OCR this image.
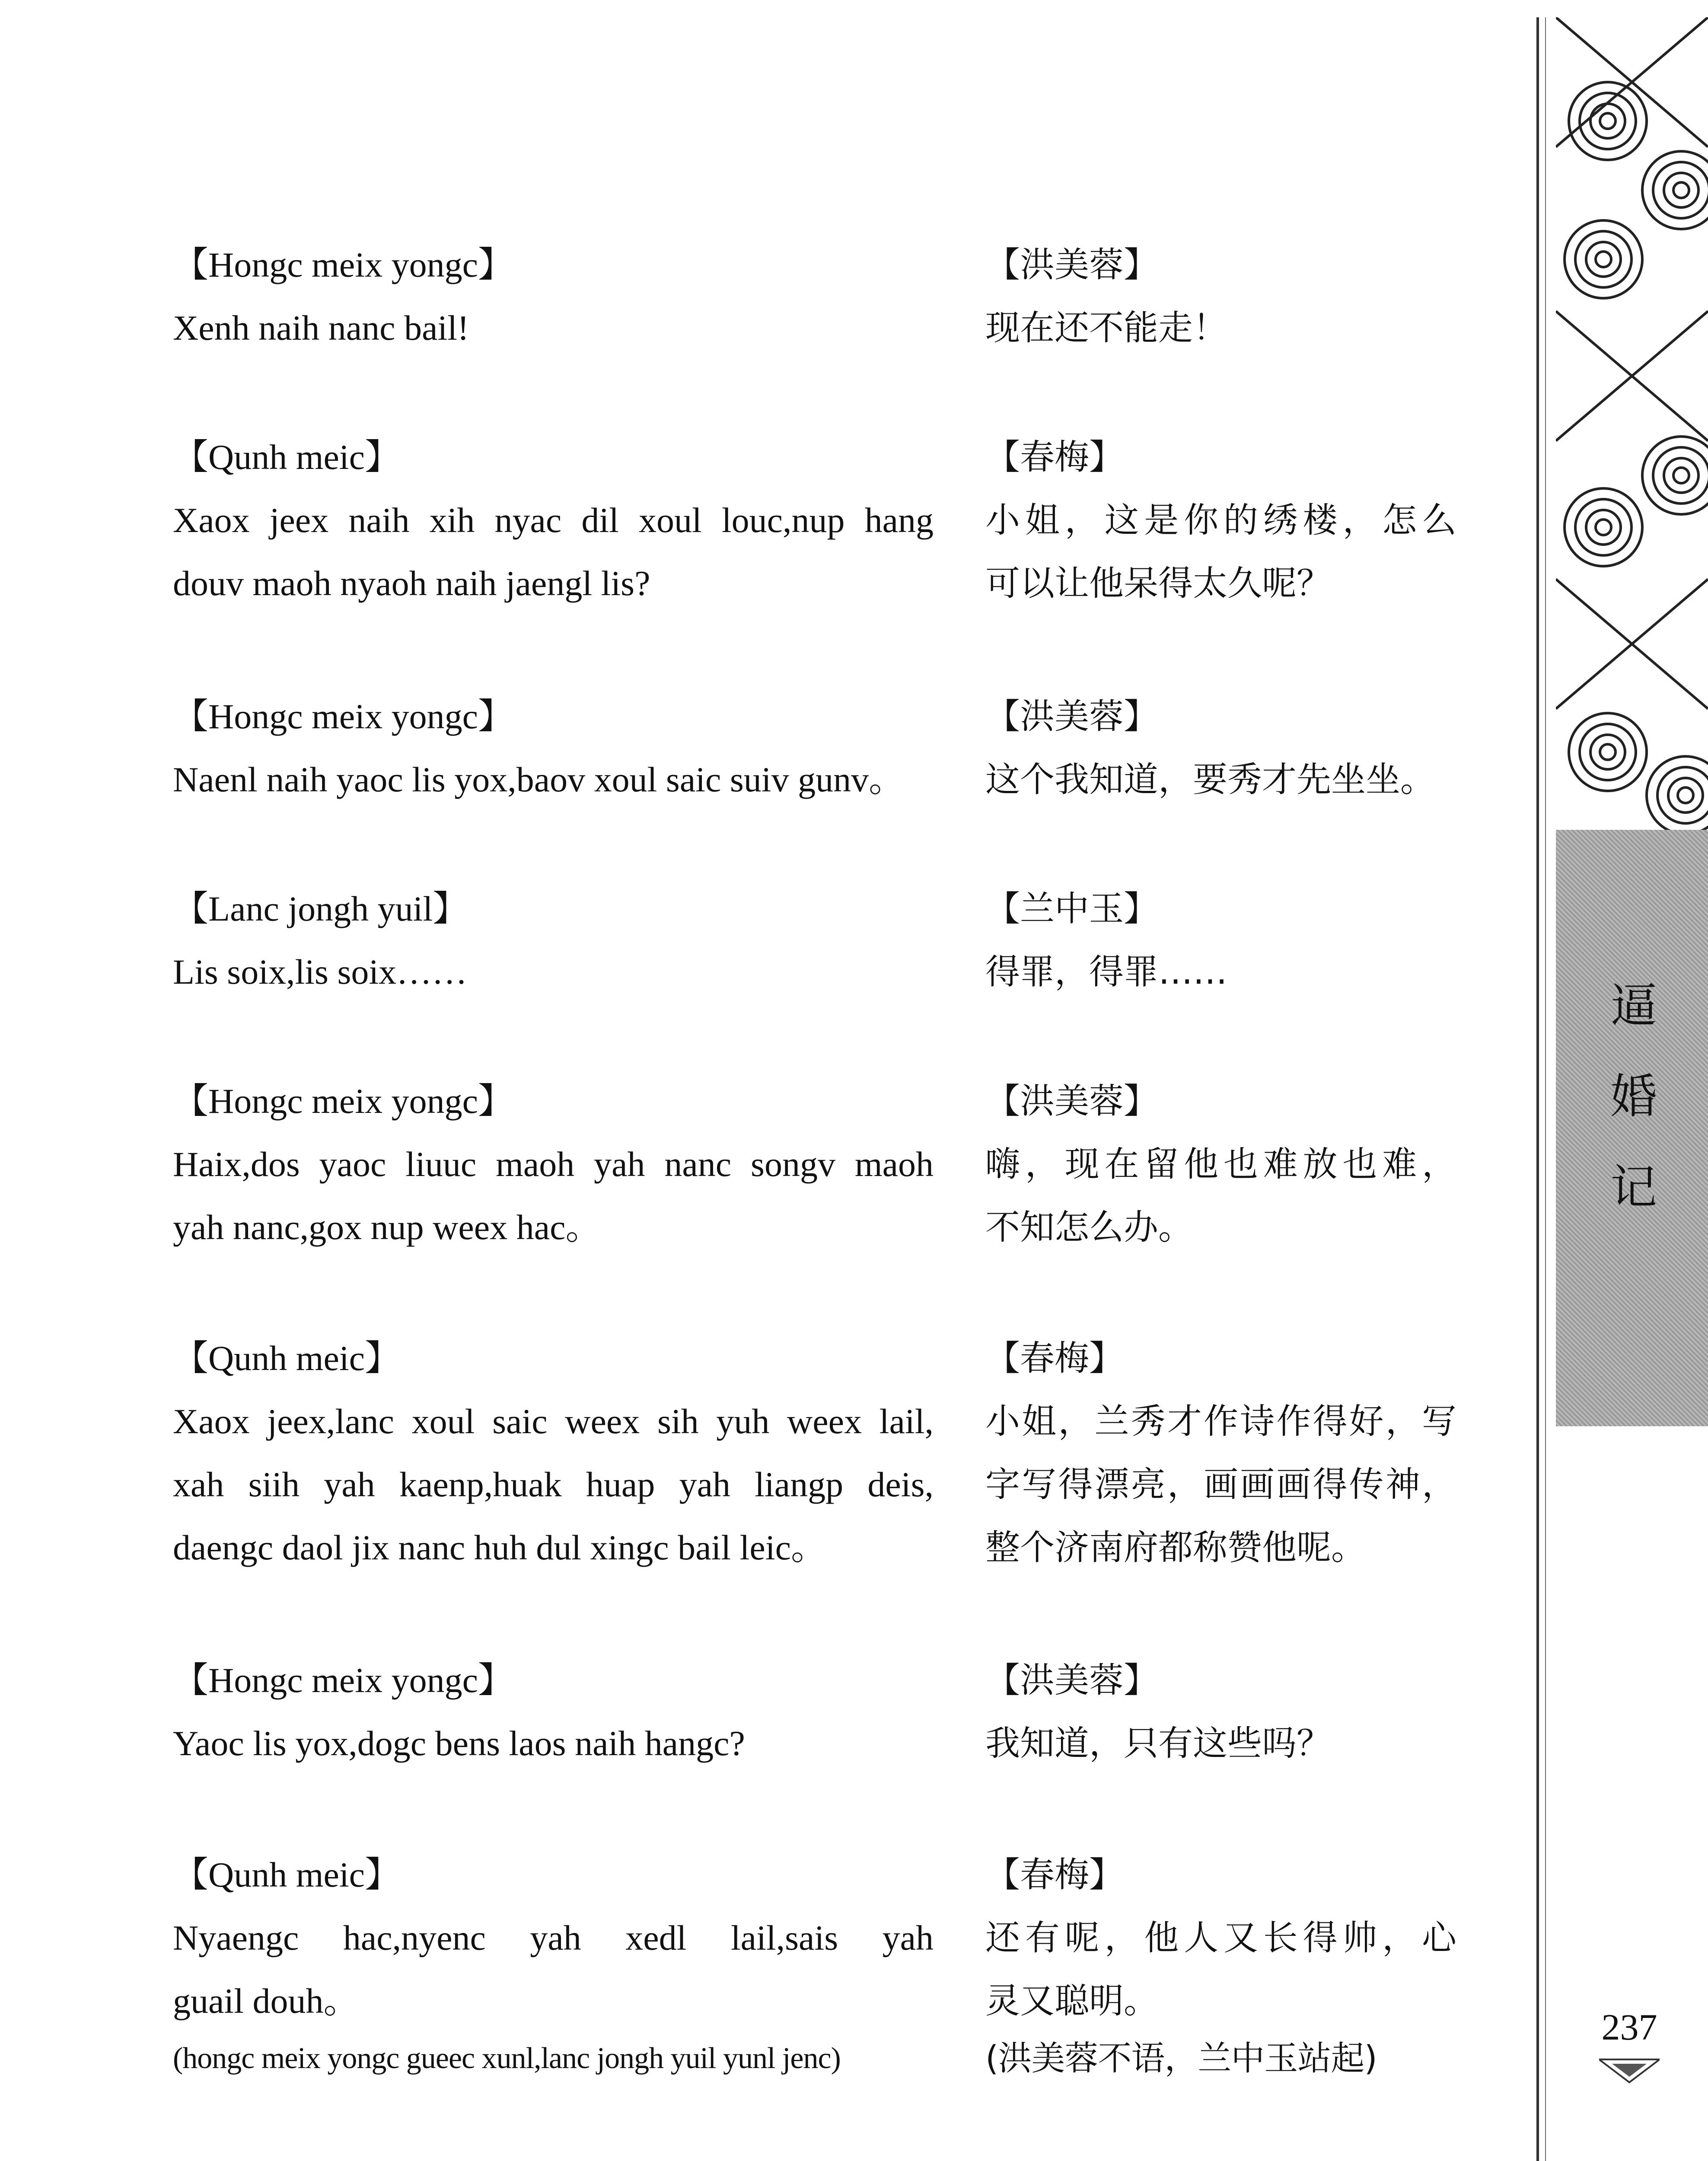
【Hongc meix yongc】
Xenh naih nanc bail!
【洪美蓉】
现在还不能走！
【Qunh meic】
Xaox jeex naih xih nyac dil xoul louc,nup hang
douv maoh nyaoh naih jaengl lis?
【春梅】
小姐，这是你的绣楼，怎么
可以让他呆得太久呢？
【Hongc meix yongc】
Naenl naih yaoc lis yox,baov xoul saic suiv gunv。
【洪美蓉】
这个我知道，要秀才先坐坐。
【Lanc jongh yuil】
Lis soix,lis soix……
【兰中玉】
得罪，得罪……
【Hongc meix yongc】
Haix,dos yaoc liuuc maoh yah nanc songv maoh
yah nanc,gox nup weex hac。
【洪美蓉】
嗨，现在留他也难放也难，
不知怎么办。
【Qunh meic】
Xaox jeex,lanc xoul saic weex sih yuh weex lail,
xah siih yah kaenp,huak huap yah liangp deis,
daengc daol jix nanc huh dul xingc bail leic。
【春梅】
小姐，兰秀才作诗作得好，写
字写得漂亮，画画画得传神，
整个济南府都称赞他呢。
【Hongc meix yongc】
Yaoc lis yox,dogc bens laos naih hangc?
【洪美蓉】
我知道，只有这些吗？
【Qunh meic】
Nyaengc hac,nyenc yah xedl lail,sais yah
guail douh。
(hongc meix yongc gueec xunl,lanc jongh yuil yunl jenc)
【春梅】
还有呢，他人又长得帅，心
灵又聪明。
(洪美蓉不语，兰中玉站起)
逼
婚
记
237
